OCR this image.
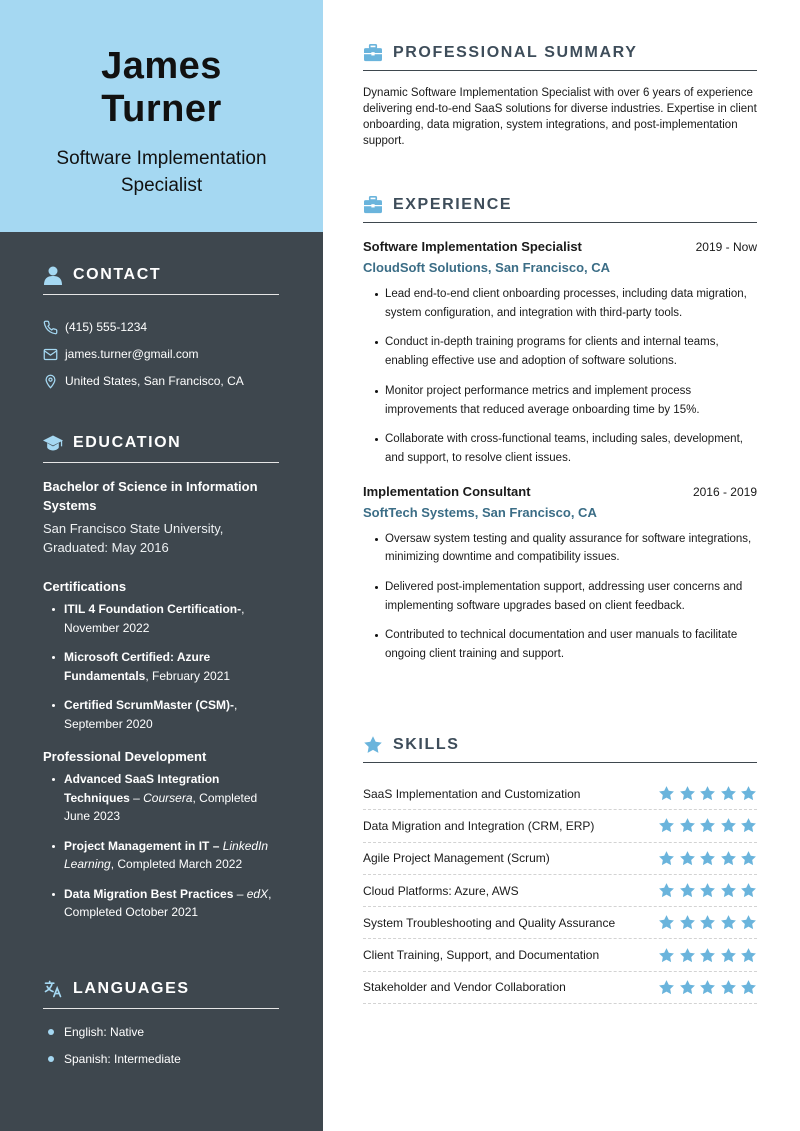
James
Turner
Software Implementation
Specialist
CONTACT
(415) 555-1234
james.turner@gmail.com
United States, San Francisco, CA
EDUCATION
Bachelor of Science in Information Systems
San Francisco State University, Graduated: May 2016
Certifications
ITIL 4 Foundation Certification-, November 2022
Microsoft Certified: Azure Fundamentals, February 2021
Certified ScrumMaster (CSM)-, September 2020
Professional Development
Advanced SaaS Integration Techniques – Coursera, Completed June 2023
Project Management in IT – LinkedIn Learning, Completed March 2022
Data Migration Best Practices – edX, Completed October 2021
LANGUAGES
English: Native
Spanish: Intermediate
PROFESSIONAL SUMMARY

Dynamic Software Implementation Specialist with over 6 years of experience delivering end-to-end SaaS solutions for diverse industries. Expertise in client onboarding, data migration, system integrations, and post-implementation support.

EXPERIENCE
Software Implementation Specialist	2019 - Now
CloudSoft Solutions, San Francisco, CA
Lead end-to-end client onboarding processes, including data migration, system configuration, and integration with third-party tools.
Conduct in-depth training programs for clients and internal teams, enabling effective use and adoption of software solutions.
Monitor project performance metrics and implement process improvements that reduced average onboarding time by 15%.
Collaborate with cross-functional teams, including sales, development, and support, to resolve client issues.
Implementation Consultant	2016 - 2019
SoftTech Systems, San Francisco, CA
Oversaw system testing and quality assurance for software integrations, minimizing downtime and compatibility issues.
Delivered post-implementation support, addressing user concerns and implementing software upgrades based on client feedback.
Contributed to technical documentation and user manuals to facilitate ongoing client training and support.
SKILLS
SaaS Implementation and Customization
Data Migration and Integration (CRM, ERP)
Agile Project Management (Scrum)
Cloud Platforms: Azure, AWS
System Troubleshooting and Quality Assurance
Client Training, Support, and Documentation
Stakeholder and Vendor Collaboration
